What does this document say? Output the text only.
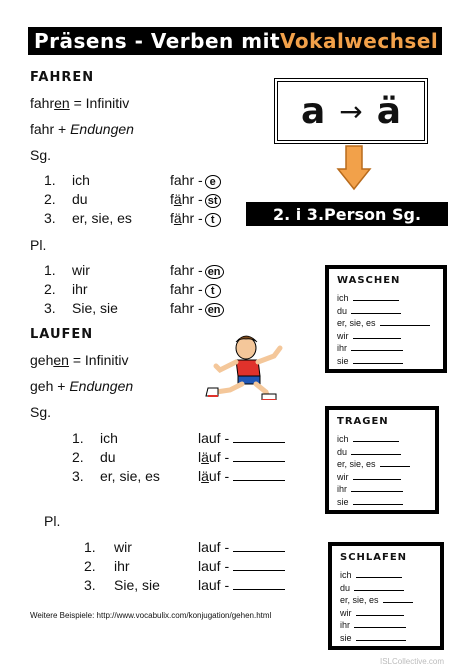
Präsens - Verben mit Vokalwechsel
FAHREN
fahren = Infinitiv
fahr + Endungen
Sg.
1. ich	fahr - e
2. du	fähr - st
3. er, sie, es	fähr - t
Pl.
1. wir	fahr - en
2. ihr	fahr - t
3. Sie, sie	fahr - en
a → ä
2. i 3.Person Sg.
LAUFEN
gehen = Infinitiv
geh + Endungen
Sg.
1. ich	lauf -
2. du	läuf -
3. er, sie, es	läuf -
Pl.
1. wir	lauf -
2. ihr	lauf -
3. Sie, sie	lauf -
WASCHEN
ich
du
er, sie, es
wir
ihr
sie
TRAGEN
ich
du
er, sie, es
wir
ihr
sie
SCHLAFEN
ich
du
er, sie, es
wir
ihr
sie
Weitere Beispiele: http://www.vocabulix.com/konjugation/gehen.html
ISLCollective.com
